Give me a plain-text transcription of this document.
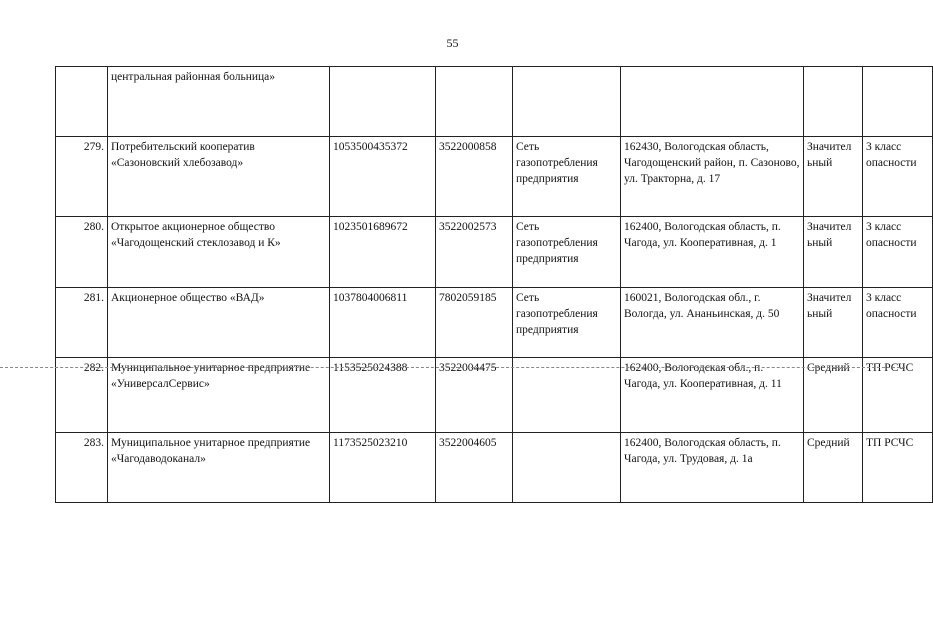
55
	центральная районная больница»						
279.	Потребительский кооператив «Сазоновский хлебозавод»	1053500435372	3522000858	Сеть газопотребления предприятия	162430, Вологодская область, Чагодощенский район, п. Сазоново, ул. Тракторна, д. 17	Значител ьный	3 класс опасности
280.	Открытое акционерное общество «Чагодощенский стеклозавод и К»	1023501689672	3522002573	Сеть газопотребления предприятия	162400, Вологодская область, п. Чагода, ул. Кооперативная, д. 1	Значител ьный	3 класс опасности
281.	Акционерное общество «ВАД»	1037804006811	7802059185	Сеть газопотребления предприятия	160021, Вологодская обл., г. Вологда, ул. Ананьинская, д. 50	Значител ьный	3 класс опасности
282.	Муниципальное унитарное предприятие «УниверсалСервис»	1153525024388	3522004475		162400, Вологодская обл., п. Чагода, ул. Кооперативная, д. 11	Средний	ТП РСЧС
283.	Муниципальное унитарное предприятие «Чагодаводоканал»	1173525023210	3522004605		162400, Вологодская область, п. Чагода, ул. Трудовая, д. 1а	Средний	ТП РСЧС
